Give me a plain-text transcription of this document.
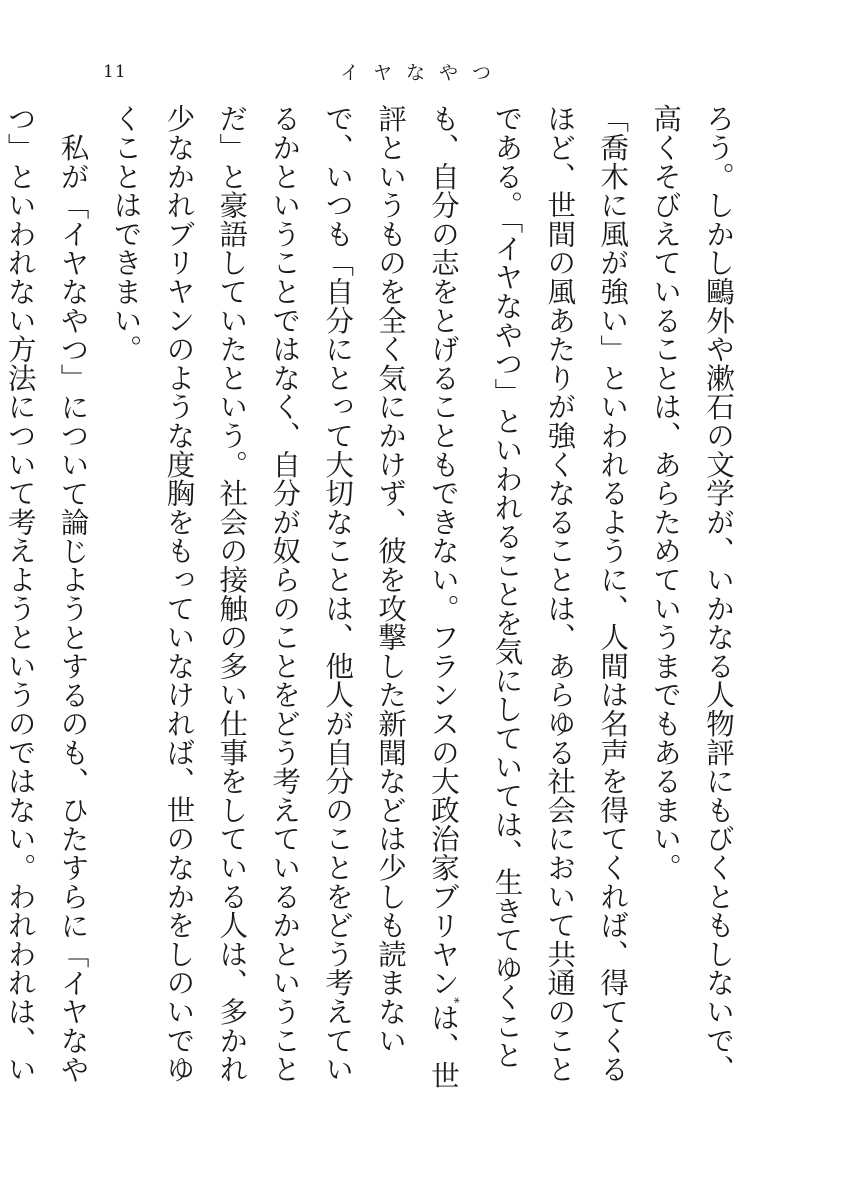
11	イヤなやつ

ろう。しかし鷗外や漱石の文学が、いかなる人物評にもびくともしないで、高くそびえていることは、あらためていうまでもあるまい。

「喬木に風が強い」といわれるように、人間は名声を得てくれば、得てくるほど、世間の風あたりが強くなることは、あらゆる社会において共通のことである。「イヤなやつ」といわれることを気にしていては、生きてゆくことも、自分の志をとげることもできない。フランスの大政治家ブリヤン*は、世評というものを全く気にかけず、彼を攻撃した新聞などは少しも読まないで、いつも「自分にとって大切なことは、他人が自分のことをどう考えているかということではなく、自分が奴らのことをどう考えているかということだ」と豪語していたという。社会の接触の多い仕事をしている人は、多かれ少なかれブリヤンのような度胸をもっていなければ、世のなかをしのいでゆくことはできまい。

私が「イヤなやつ」について論じようとするのも、ひたすらに「イヤなやつ」といわれない方法について考えようというのではない。われわれは、い
